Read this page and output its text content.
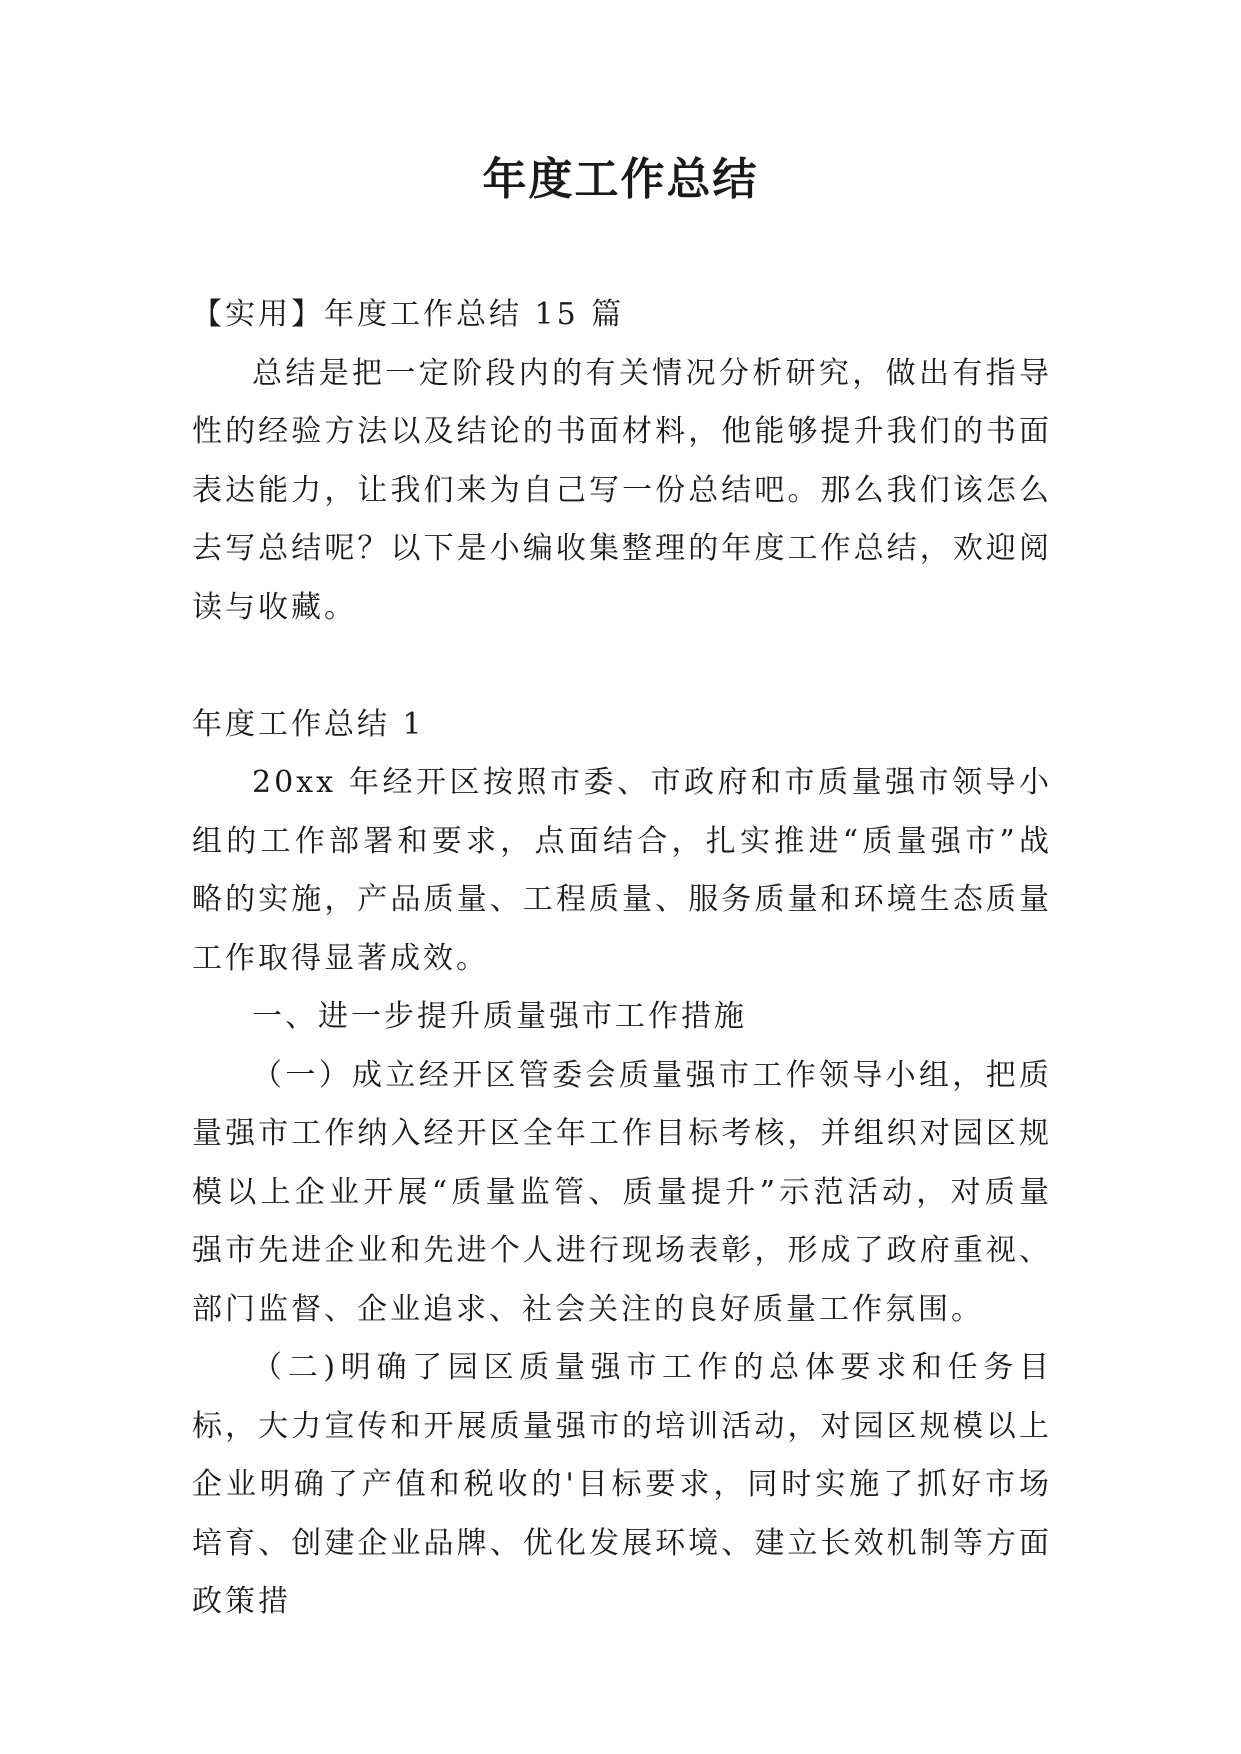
年度工作总结

【实用】年度工作总结 15 篇

总结是把一定阶段内的有关情况分析研究，做出有指导性的经验方法以及结论的书面材料，他能够提升我们的书面表达能力，让我们来为自己写一份总结吧。那么我们该怎么去写总结呢？以下是小编收集整理的年度工作总结，欢迎阅读与收藏。

年度工作总结 1

20xx 年经开区按照市委、市政府和市质量强市领导小组的工作部署和要求，点面结合，扎实推进“质量强市”战略的实施，产品质量、工程质量、服务质量和环境生态质量工作取得显著成效。

一、进一步提升质量强市工作措施

（一）成立经开区管委会质量强市工作领导小组，把质量强市工作纳入经开区全年工作目标考核，并组织对园区规模以上企业开展“质量监管、质量提升”示范活动，对质量强市先进企业和先进个人进行现场表彰，形成了政府重视、部门监督、企业追求、社会关注的良好质量工作氛围。

（二)明确了园区质量强市工作的总体要求和任务目标，大力宣传和开展质量强市的培训活动，对园区规模以上企业明确了产值和税收的'目标要求，同时实施了抓好市场培育、创建企业品牌、优化发展环境、建立长效机制等方面政策措
